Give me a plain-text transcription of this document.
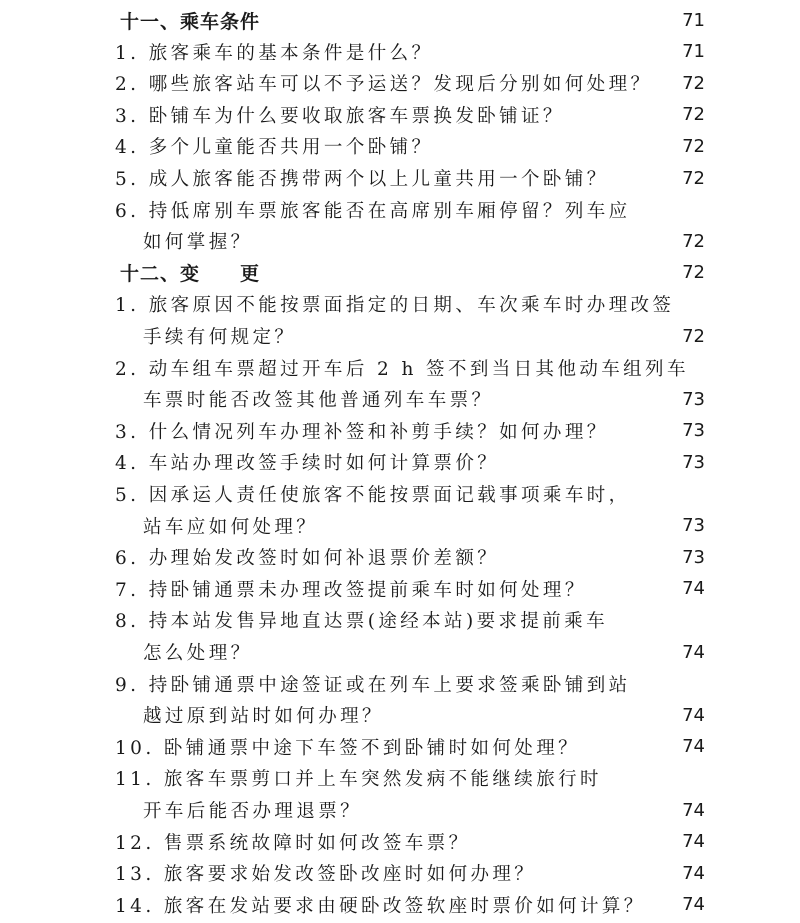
十一、乘车条件	71
1. 旅客乘车的基本条件是什么？	71
2. 哪些旅客站车可以不予运送？发现后分别如何处理？ 72
3. 卧铺车为什么要收取旅客车票换发卧铺证？	72
4. 多个儿童能否共用一个卧铺？	72
5. 成人旅客能否携带两个以上儿童共用一个卧铺？	72
6. 持低席别车票旅客能否在高席别车厢停留？列车应
如何掌握？	72
十二、变　　更	72
1. 旅客原因不能按票面指定的日期、车次乘车时办理改签
手续有何规定？	72
2. 动车组车票超过开车后 2 h 签不到当日其他动车组列车
车票时能否改签其他普通列车车票？	73
3. 什么情况列车办理补签和补剪手续？如何办理？	73
4. 车站办理改签手续时如何计算票价？	73
5. 因承运人责任使旅客不能按票面记载事项乘车时，
站车应如何处理？	73
6. 办理始发改签时如何补退票价差额？	73
7. 持卧铺通票未办理改签提前乘车时如何处理？	74
8. 持本站发售异地直达票(途经本站)要求提前乘车
怎么处理？	74
9. 持卧铺通票中途签证或在列车上要求签乘卧铺到站
越过原到站时如何办理？	74
10. 卧铺通票中途下车签不到卧铺时如何处理？	74
11. 旅客车票剪口并上车突然发病不能继续旅行时
开车后能否办理退票？	74
12. 售票系统故障时如何改签车票？	74
13. 旅客要求始发改签卧改座时如何办理？	74
14. 旅客在发站要求由硬卧改签软座时票价如何计算？ 74
